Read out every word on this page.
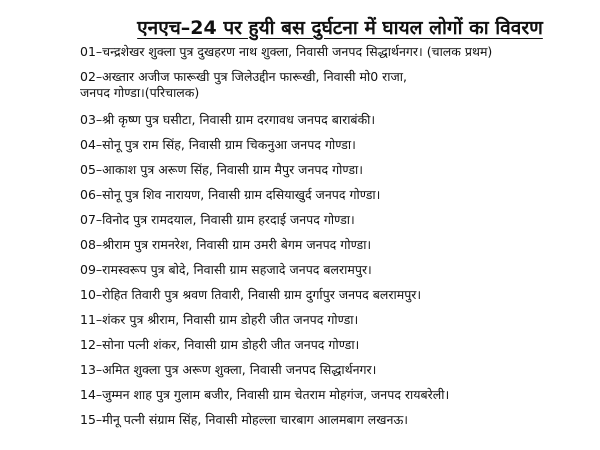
एनएच–24 पर हुयी बस दुर्घटना में घायल लोगों का विवरण
01–चन्द्रशेखर शुक्ला पुत्र दुखहरण नाथ शुक्ला, निवासी जनपद सिद्धार्थनगर। (चालक प्रथम)
02–अख्तार अजीज फारूखी पुत्र जिलेउद्दीन फारूखी, निवासी मो0 राजा, जनपद गोण्डा।(परिचालक)
03–श्री कृष्ण पुत्र घसीटा, निवासी ग्राम दरगावध जनपद बाराबंकी।
04–सोनू पुत्र राम सिंह, निवासी ग्राम चिकनुआ जनपद गोण्डा।
05–आकाश पुत्र अरूण सिंह, निवासी ग्राम मैपुर जनपद गोण्डा।
06–सोनू पुत्र शिव नारायण, निवासी ग्राम दसियाखुर्द जनपद गोण्डा।
07–विनोद पुत्र रामदयाल, निवासी ग्राम हरदाई जनपद गोण्डा।
08–श्रीराम पुत्र रामनरेश, निवासी ग्राम उमरी बेगम जनपद गोण्डा।
09–रामस्वरूप पुत्र बोदे, निवासी ग्राम सहजादे जनपद बलरामपुर।
10–रोहित तिवारी पुत्र श्रवण तिवारी, निवासी ग्राम दुर्गापुर जनपद बलरामपुर।
11–शंकर पुत्र श्रीराम, निवासी ग्राम डोहरी जीत जनपद गोण्डा।
12–सोना पत्नी शंकर, निवासी ग्राम डोहरी जीत जनपद गोण्डा।
13–अमित शुक्ला पुत्र अरूण शुक्ला, निवासी जनपद सिद्धार्थनगर।
14–जुम्मन शाह पुत्र गुलाम बजीर, निवासी ग्राम चेतराम मोहगंज, जनपद रायबरेली।
15–मीनू पत्नी संग्राम सिंह, निवासी मोहल्ला चारबाग आलमबाग लखनऊ।
